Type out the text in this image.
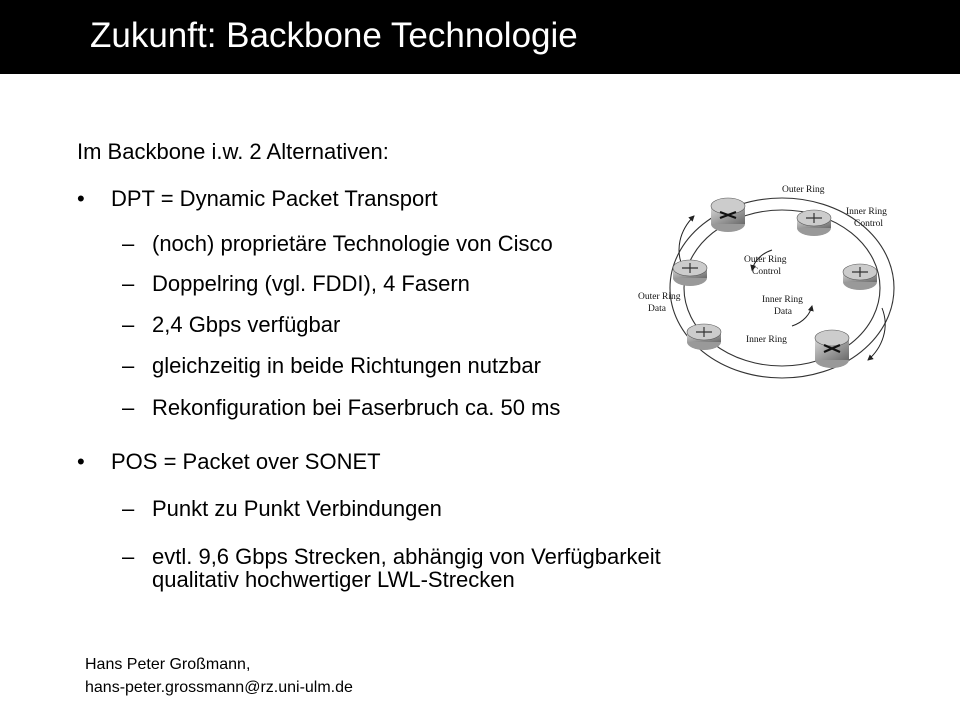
Zukunft: Backbone Technologie
Im Backbone i.w. 2 Alternativen:
• DPT = Dynamic Packet Transport
– (noch) proprietäre Technologie von Cisco
– Doppelring (vgl. FDDI), 4 Fasern
– 2,4 Gbps verfügbar
– gleichzeitig in beide Richtungen nutzbar
– Rekonfiguration bei Faserbruch ca. 50 ms
• POS = Packet over SONET
– Punkt zu Punkt Verbindungen
– evtl. 9,6 Gbps Strecken, abhängig von Verfügbarkeit
qualitativ hochwertiger LWL-Strecken
Outer Ring
Inner Ring
Control
Outer Ring
Control
Inner Ring
Data
Outer Ring
Data
Inner Ring
Hans Peter Großmann,
hans-peter.grossmann@rz.uni-ulm.de
